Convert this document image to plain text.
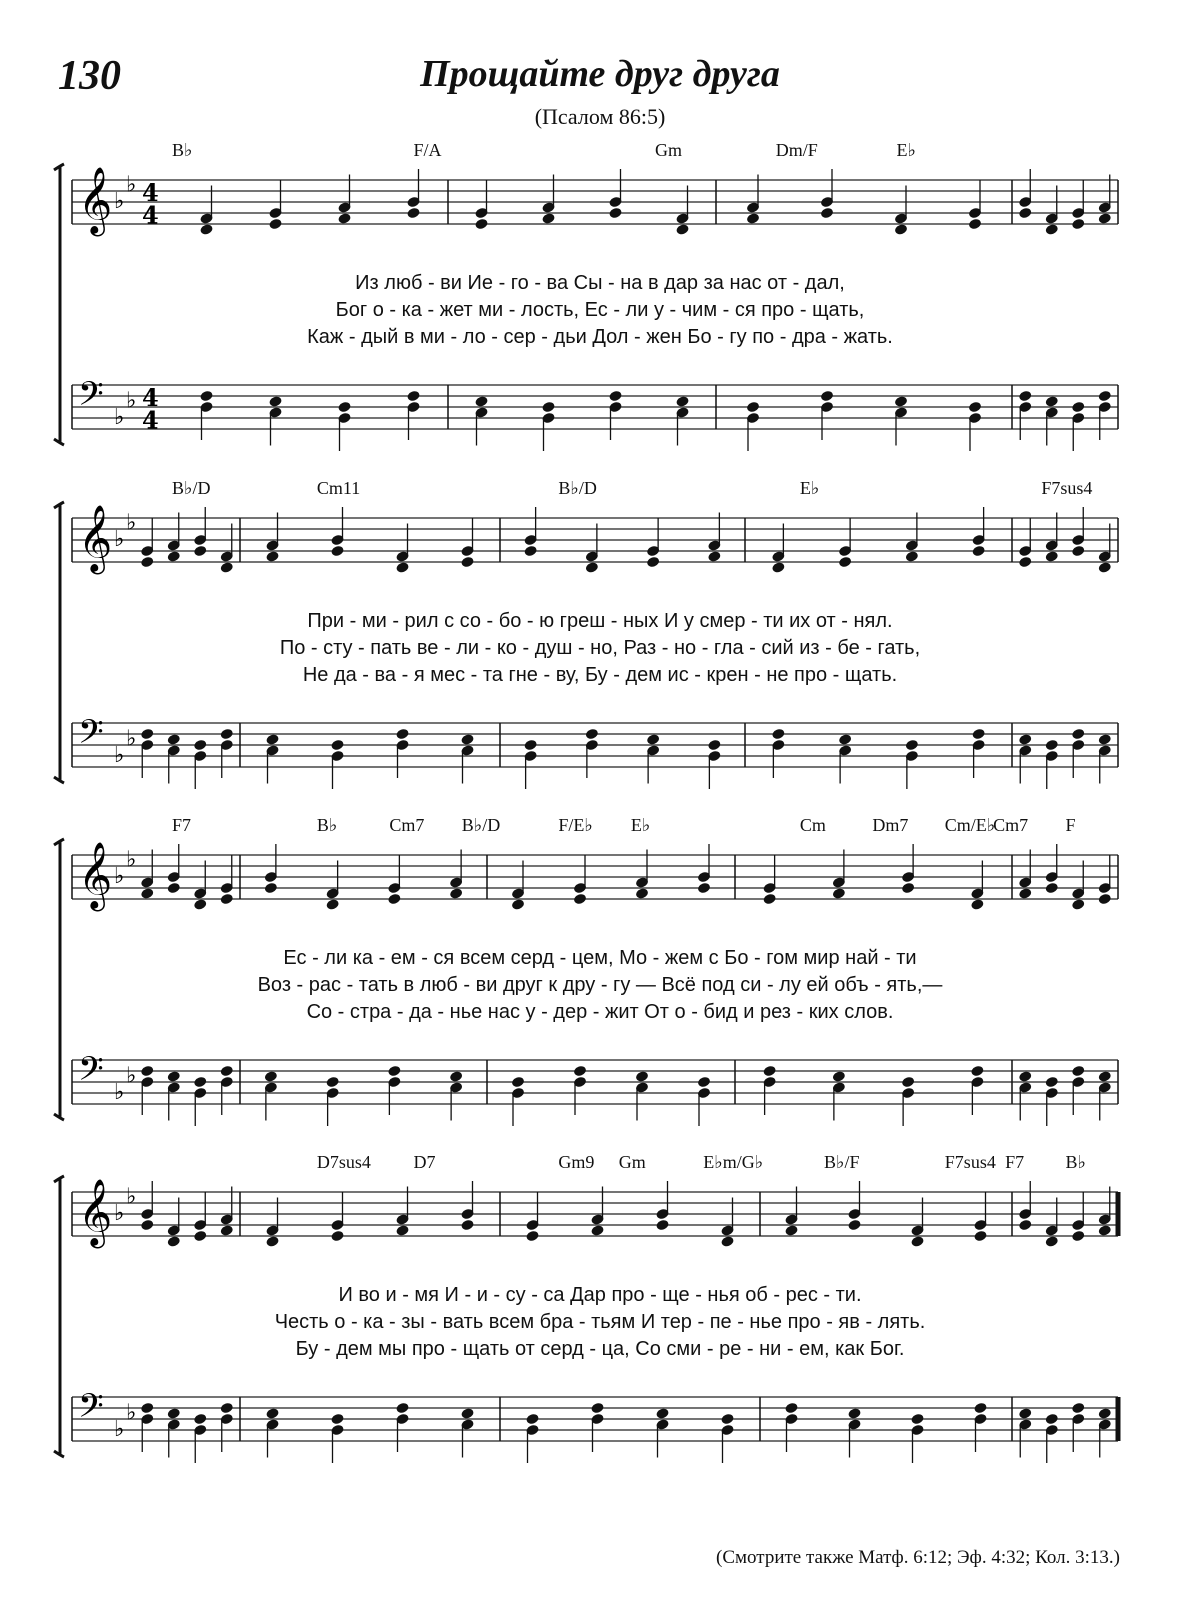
130	Прощайте друг друга
(Псалом 86:5)
𝄞 ♭
♭ 4
4
𝄢 ♭
♭ 4
4
𝄞 ♭
♭
𝄢 ♭
♭
𝄞 ♭
♭
𝄢 ♭
♭
𝄞 ♭
♭
𝄢 ♭
♭
B♭	F/A	Gm	Dm/F	E♭
Из люб - ви Ие - го - ва Сы - на в дар за нас от - дал,
Бог о - ка - жет ми - лость, Ес - ли у - чим - ся про - щать,
Каж - дый в ми - ло - сер - дьи Дол - жен Бо - гу по - дра - жать.
B♭/D	Cm11	B♭/D	E♭	F7sus4
При - ми - рил с со - бо - ю греш - ных И у смер - ти их от - нял.
По - сту - пать ве - ли - ко - душ - но, Раз - но - гла - сий из - бе - гать,
Не да - ва - я мес - та гне - ву, Бу - дем ис - крен - не про - щать.
F7	B♭	Cm7 B♭/D	F/E♭ E♭	Cm	Dm7 Cm/E♭
Cm7 F
Ес - ли ка - ем - ся всем серд - цем, Мо - жем с Бо - гом мир най - ти
Воз - рас - тать в люб - ви друг к дру - гу — Всё под си - лу ей объ - ять,—
Со - стра - да - нье нас у - дер - жит От о - бид и рез - ких слов.
D7sus4 D7	Gm9 Gm	E♭m/G♭	B♭/F	F7sus4 F7 B♭
И во и - мя И - и - су - са Дар про - ще - нья об - рес - ти.
Честь о - ка - зы - вать всем бра - тьям И тер - пе - нье про - яв - лять.
Бу - дем мы про - щать от серд - ца, Со сми - ре - ни - ем, как Бог.
(Смотрите также Матф. 6:12; Эф. 4:32; Кол. 3:13.)
